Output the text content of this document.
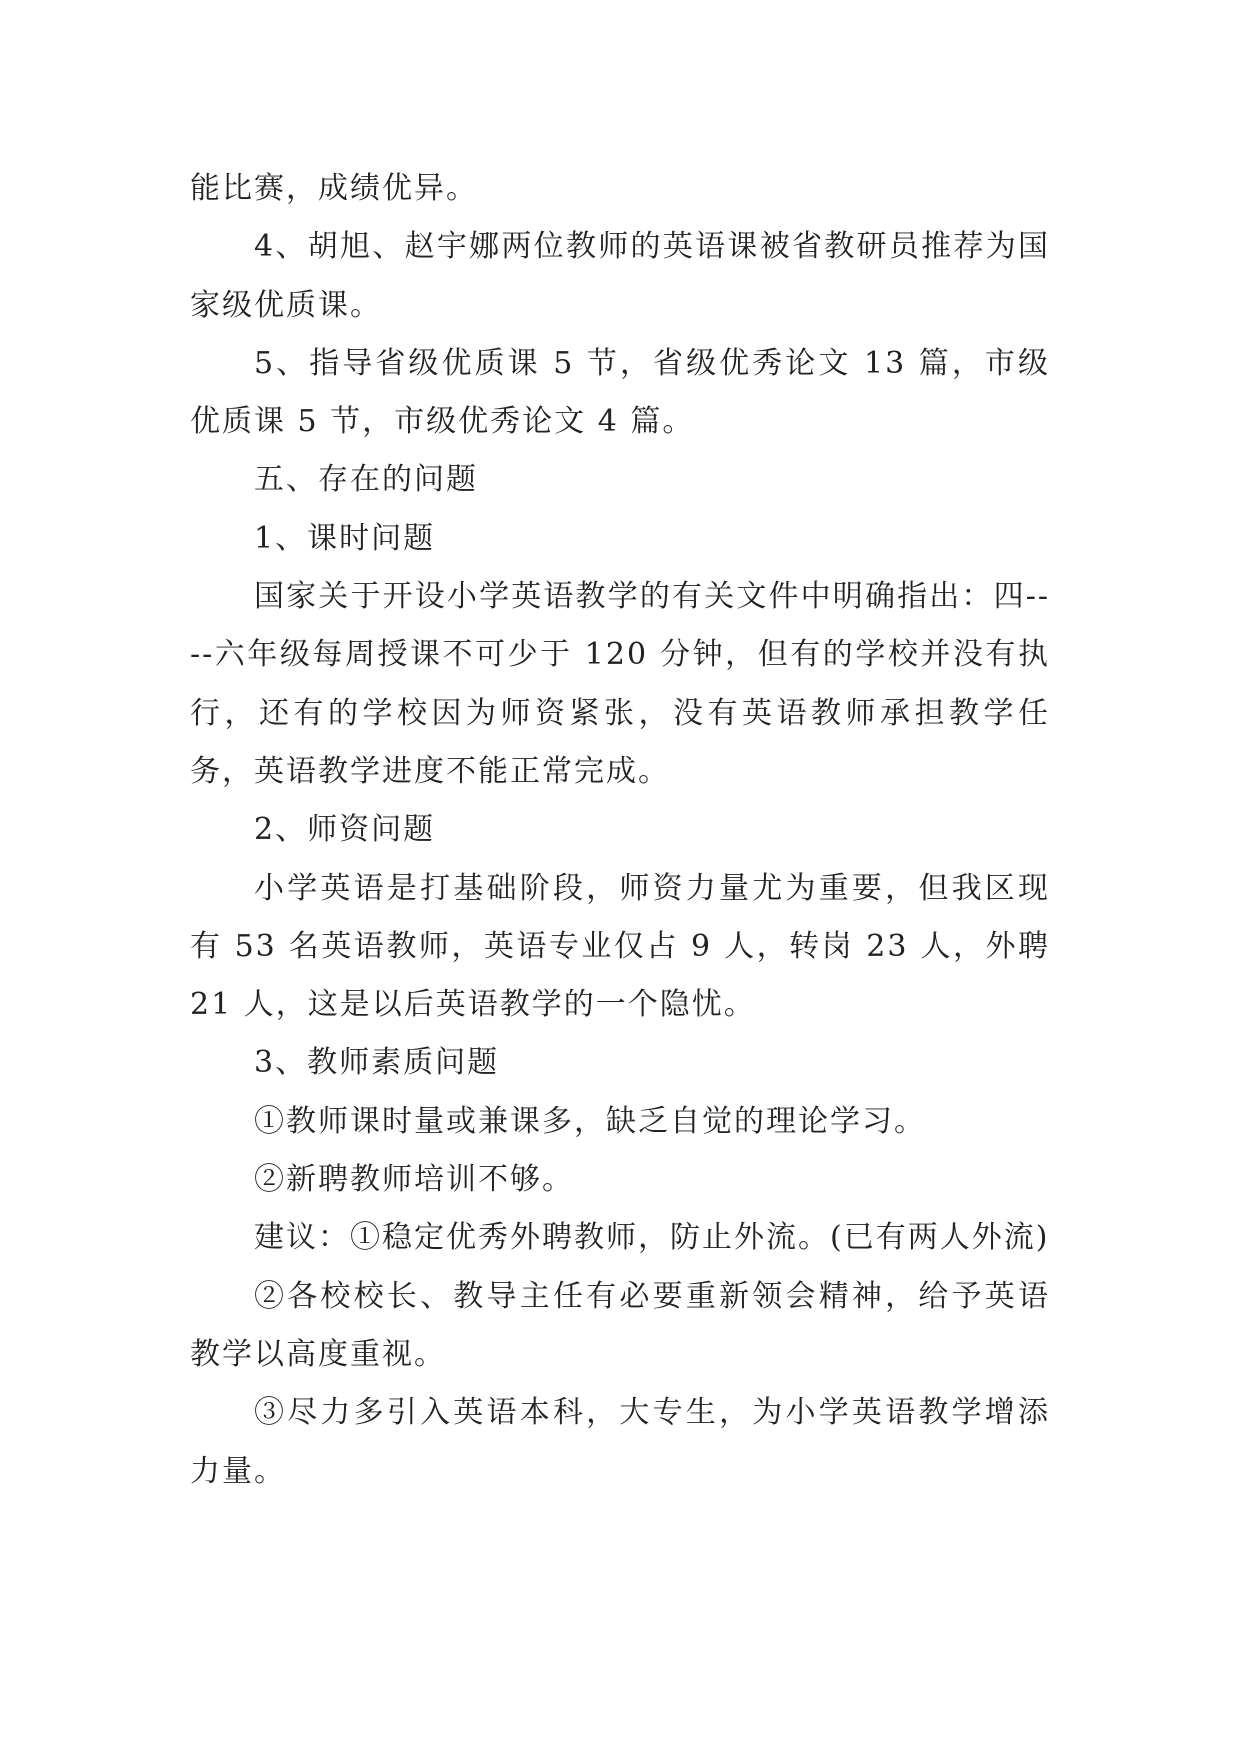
能比赛，成绩优异。

4、胡旭、赵宇娜两位教师的英语课被省教研员推荐为国家级优质课。

5、指导省级优质课 5 节，省级优秀论文 13 篇，市级优质课 5 节，市级优秀论文 4 篇。

五、存在的问题

1、课时问题

国家关于开设小学英语教学的有关文件中明确指出：四----六年级每周授课不可少于 120 分钟，但有的学校并没有执行，还有的学校因为师资紧张，没有英语教师承担教学任务，英语教学进度不能正常完成。

2、师资问题

小学英语是打基础阶段，师资力量尤为重要，但我区现有 53 名英语教师，英语专业仅占 9 人，转岗 23 人，外聘 21 人，这是以后英语教学的一个隐忧。

3、教师素质问题

①教师课时量或兼课多，缺乏自觉的理论学习。

②新聘教师培训不够。

建议：①稳定优秀外聘教师，防止外流。(已有两人外流)

②各校校长、教导主任有必要重新领会精神，给予英语教学以高度重视。

③尽力多引入英语本科，大专生，为小学英语教学增添力量。
